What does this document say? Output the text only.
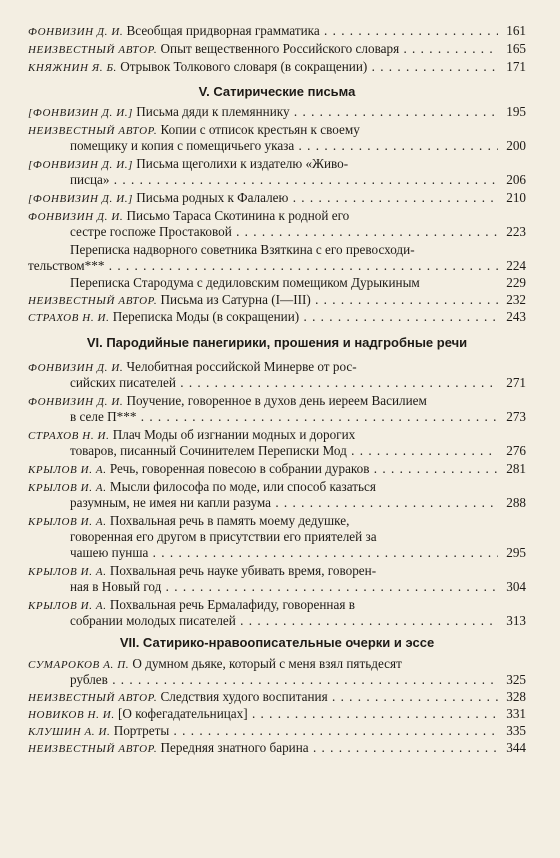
ФОНВИЗИН Д. И. Всеобщая придворная грамматика . . .	161
НЕИЗВЕСТНЫЙ АВТОР. Опыт вещественного Российского словаря . . .	165
КНЯЖНИН Я. Б. Отрывок Толкового словаря (в сокращении) . . .	171
V. Сатирические письма
[ФОНВИЗИН Д. И.] Письма дяди к племяннику . . .	195
НЕИЗВЕСТНЫЙ АВТОР. Копии с отписок крестьян к своему
помещику и копия с помещичьего указа . . .	200
[ФОНВИЗИН Д. И.] Письма щеголихи к издателю «Живо-
писца» . . .	206
[ФОНВИЗИН Д. И.] Письма родных к Фалалею . . .	210
ФОНВИЗИН Д. И. Письмо Тараса Скотинина к родной его
сестре госпоже Простаковой . . .	223
Переписка надворного советника Взяткина с его превосходи-
тельством*** . . .	224
Переписка Стародума с дедиловским помещиком Дурыкиным	229
НЕИЗВЕСТНЫЙ АВТОР. Письма из Сатурна (I—III) . . .	232
СТРАХОВ Н. И. Переписка Моды (в сокращении) . . .	243
VI. Пародийные панегирики, прошения и надгробные речи
ФОНВИЗИН Д. И. Челобитная российской Минерве от рос-
сийских писателей . . .	271
ФОНВИЗИН Д. И. Поучение, говоренное в духов день иереем Василием
в селе П*** . . .	273
СТРАХОВ Н. И. Плач Моды об изгнании модных и дорогих
товаров, писанный Сочинителем Переписки Мод . . .	276
КРЫЛОВ И. А. Речь, говоренная повесою в собрании дураков . . .	281
КРЫЛОВ И. А. Мысли философа по моде, или способ казаться
разумным, не имея ни капли разума . . .	288
КРЫЛОВ И. А. Похвальная речь в память моему дедушке,
говоренная его другом в присутствии его приятелей за
чашею пунша . . .	295
КРЫЛОВ И. А. Похвальная речь науке убивать время, говорен-
ная в Новый год . . .	304
КРЫЛОВ И. А. Похвальная речь Ермалафиду, говоренная в
собрании молодых писателей . . .	313
VII. Сатирико-нравоописательные очерки и эссе
СУМАРОКОВ А. П. О думном дьяке, который с меня взял пятьдесят
рублев . . .	325
НЕИЗВЕСТНЫЙ АВТОР. Следствия худого воспитания . . .	328
НОВИКОВ Н. И. [О кофегадательницах] . . .	331
КЛУШИН А. И. Портреты . . .	335
НЕИЗВЕСТНЫЙ АВТОР. Передняя знатного барина . . .	344
